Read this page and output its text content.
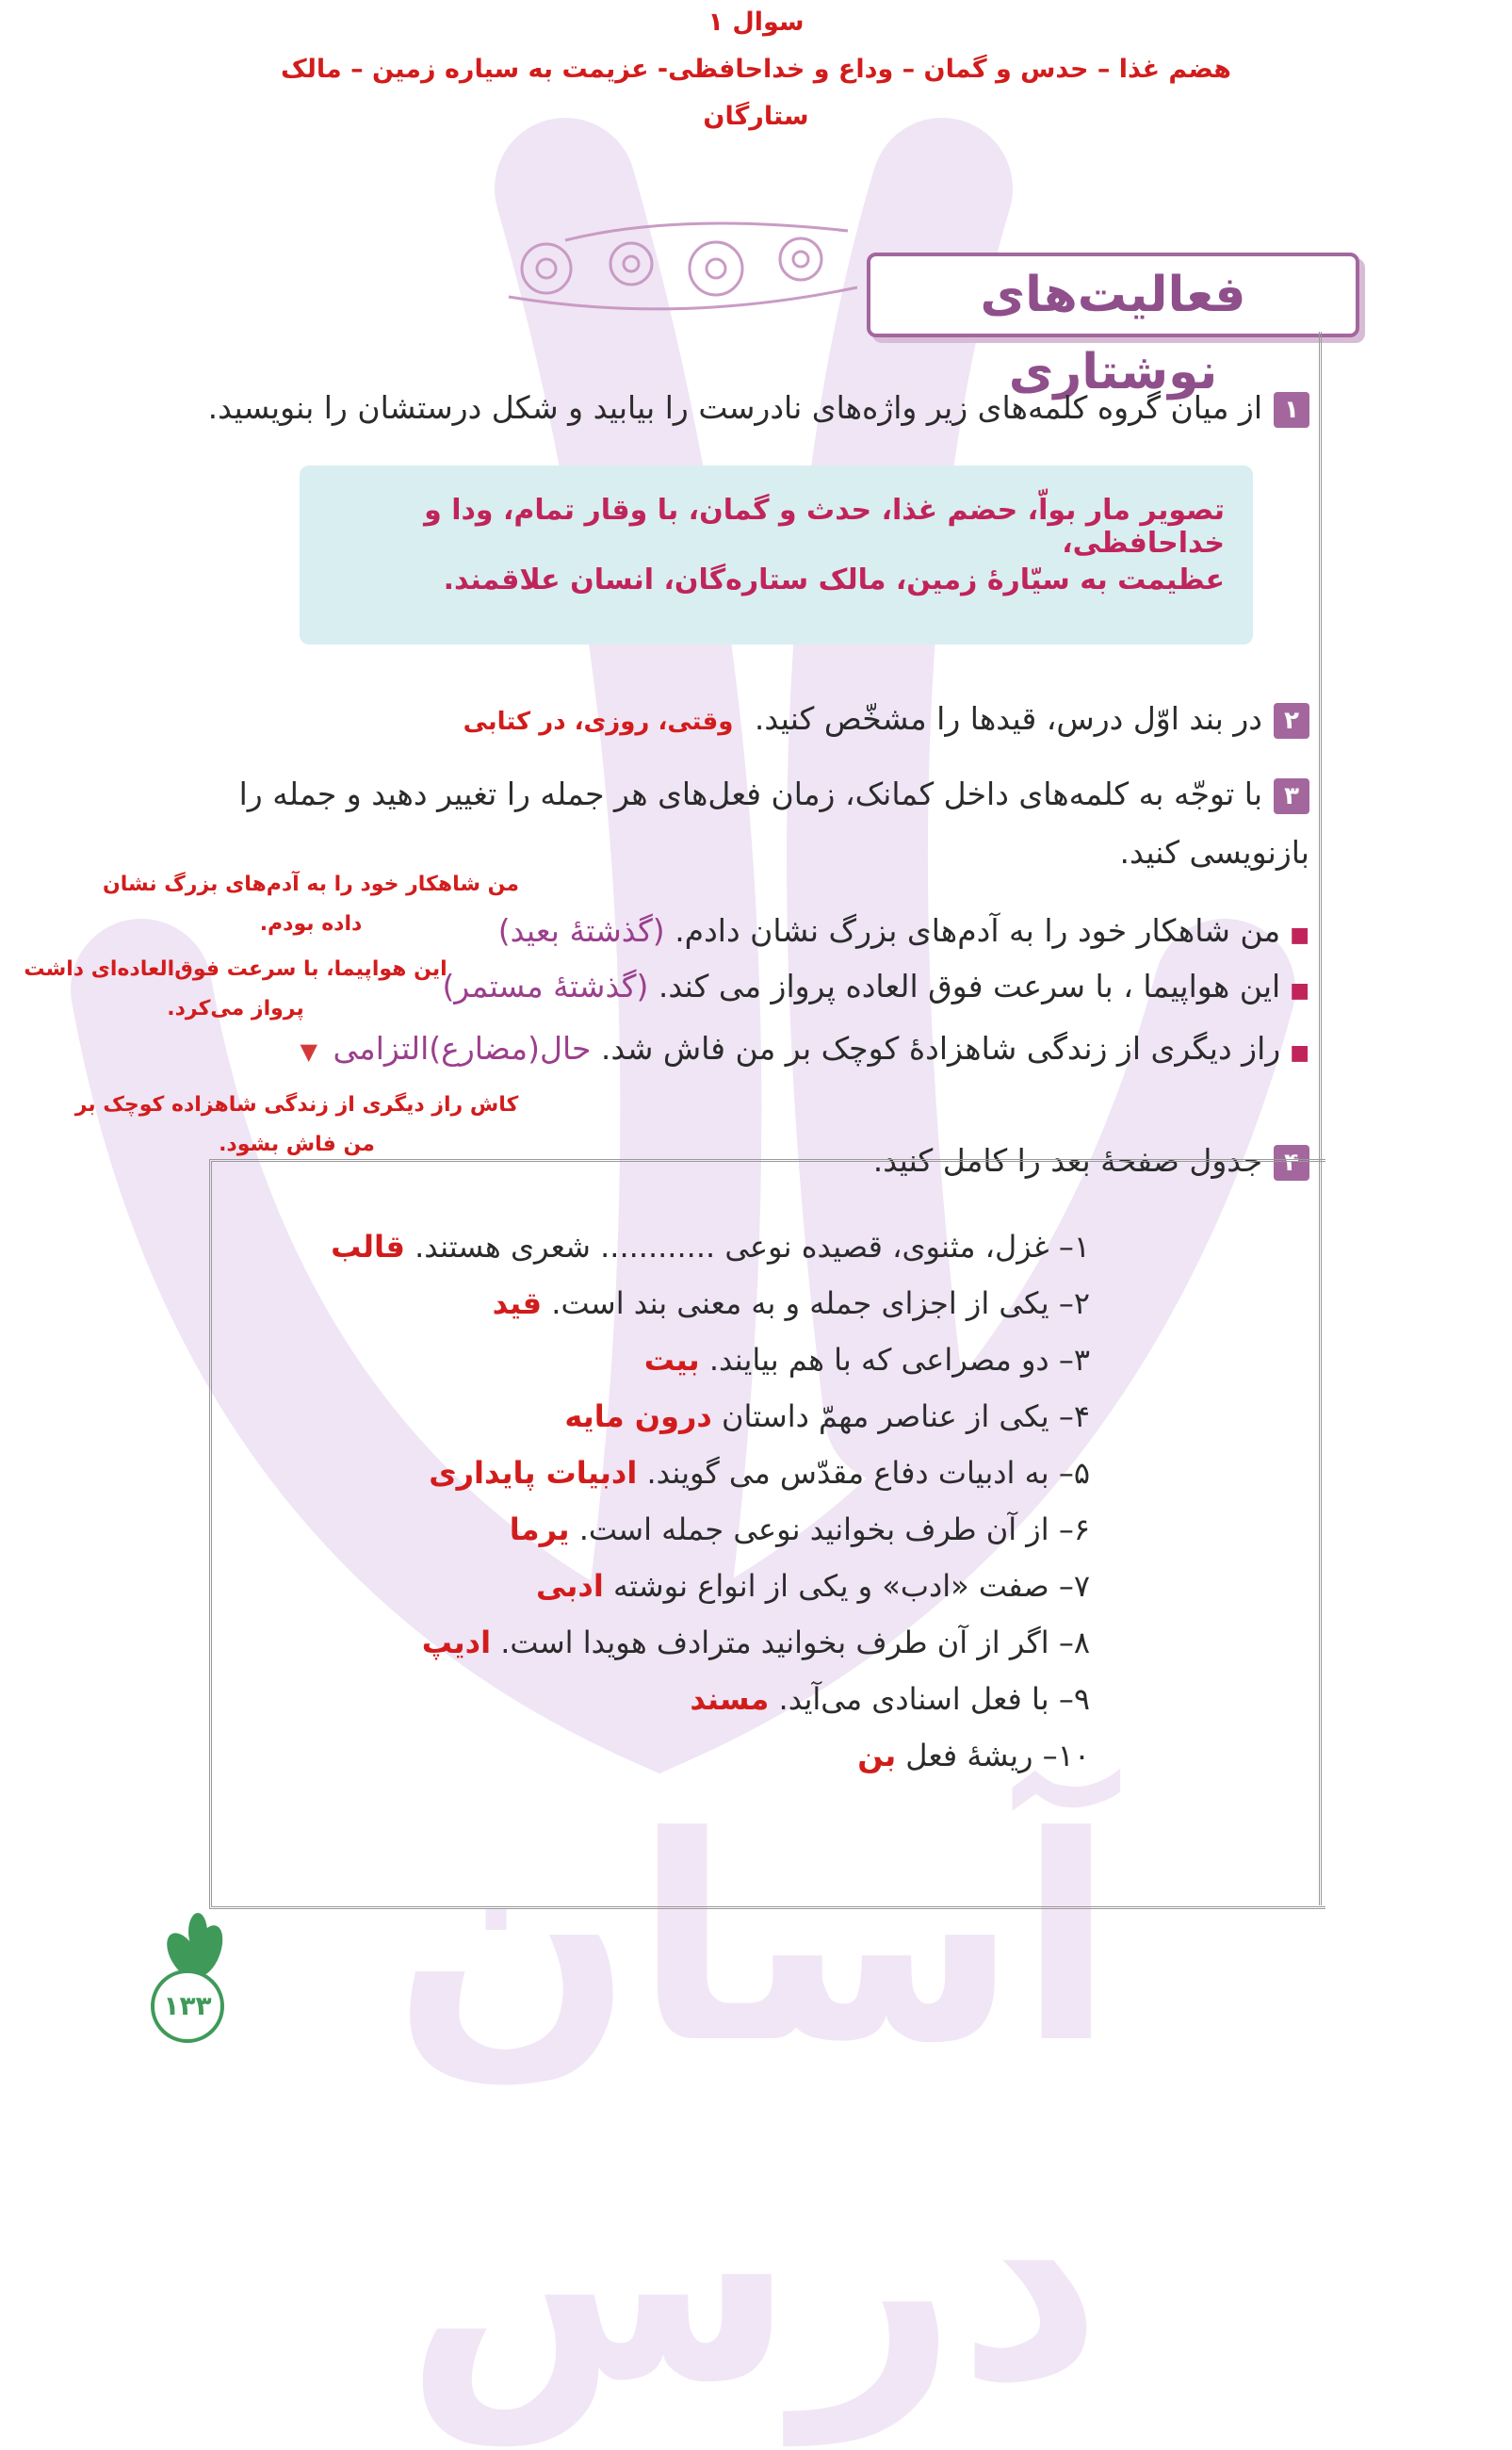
آسان درس
سوال ۱
هضم غذا – حدس و گمان – وداع و خداحافظی- عزیمت به سیاره زمین – مالک
ستارگان
فعالیت‌های نوشتاری
۱از میان گروه کلمه‌های زیر واژه‌های نادرست را بیابید و شکل درستشان را بنویسید.
تصویر مار بواّ، حضم غذا، حدث و گمان، با وقار تمام، ودا و خداحافظی،
عظیمت به سیّارۀ زمین، مالک ستاره‌گان، انسان علاقمند.
۲در بند اوّل درس، قیدها را مشخّص کنید. وقتی، روزی، در کتابی
۳با توجّه به کلمه‌های داخل کمانک، زمان فعل‌های هر جمله را تغییر دهید و جمله را
بازنویسی کنید.
■من شاهکار خود را به آدم‌های بزرگ نشان دادم. (گذشتۀ بعید)
■این هواپیما ، با سرعت فوق العاده پرواز می کند. (گذشتۀ مستمر)
■راز دیگری از زندگی شاهزادۀ کوچک بر من فاش شد. حال(مضارع)التزامی ▼
من شاهکار خود را به آدم‌های بزرگ نشان داده بودم.
این هواپیما، با سرعت فوق‌العاده‌ای داشت پرواز می‌کرد.
کاش راز دیگری از زندگی شاهزاده کوچک بر من فاش بشود.
۴جدول صفحۀ بعد را کامل کنید.
۱– غزل، مثنوی، قصیده نوعی ............ شعری هستند. قالب
۲– یکی از اجزای جمله و به معنی بند است. قید
۳– دو مصراعی که با هم بیایند. بیت
۴– یکی از عناصر مهمّ داستان درون مایه
۵– به ادبیات دفاع مقدّس می گویند. ادبیات پایداری
۶– از آن طرف بخوانید نوعی جمله است. یرما
۷– صفت «ادب» و یکی از انواع نوشته ادبی
۸– اگر از آن طرف بخوانید مترادف هویدا است. ادیپ
۹– با فعل اسنادی می‌آید. مسند
۱۰– ریشۀ فعل بن
۱۳۳
